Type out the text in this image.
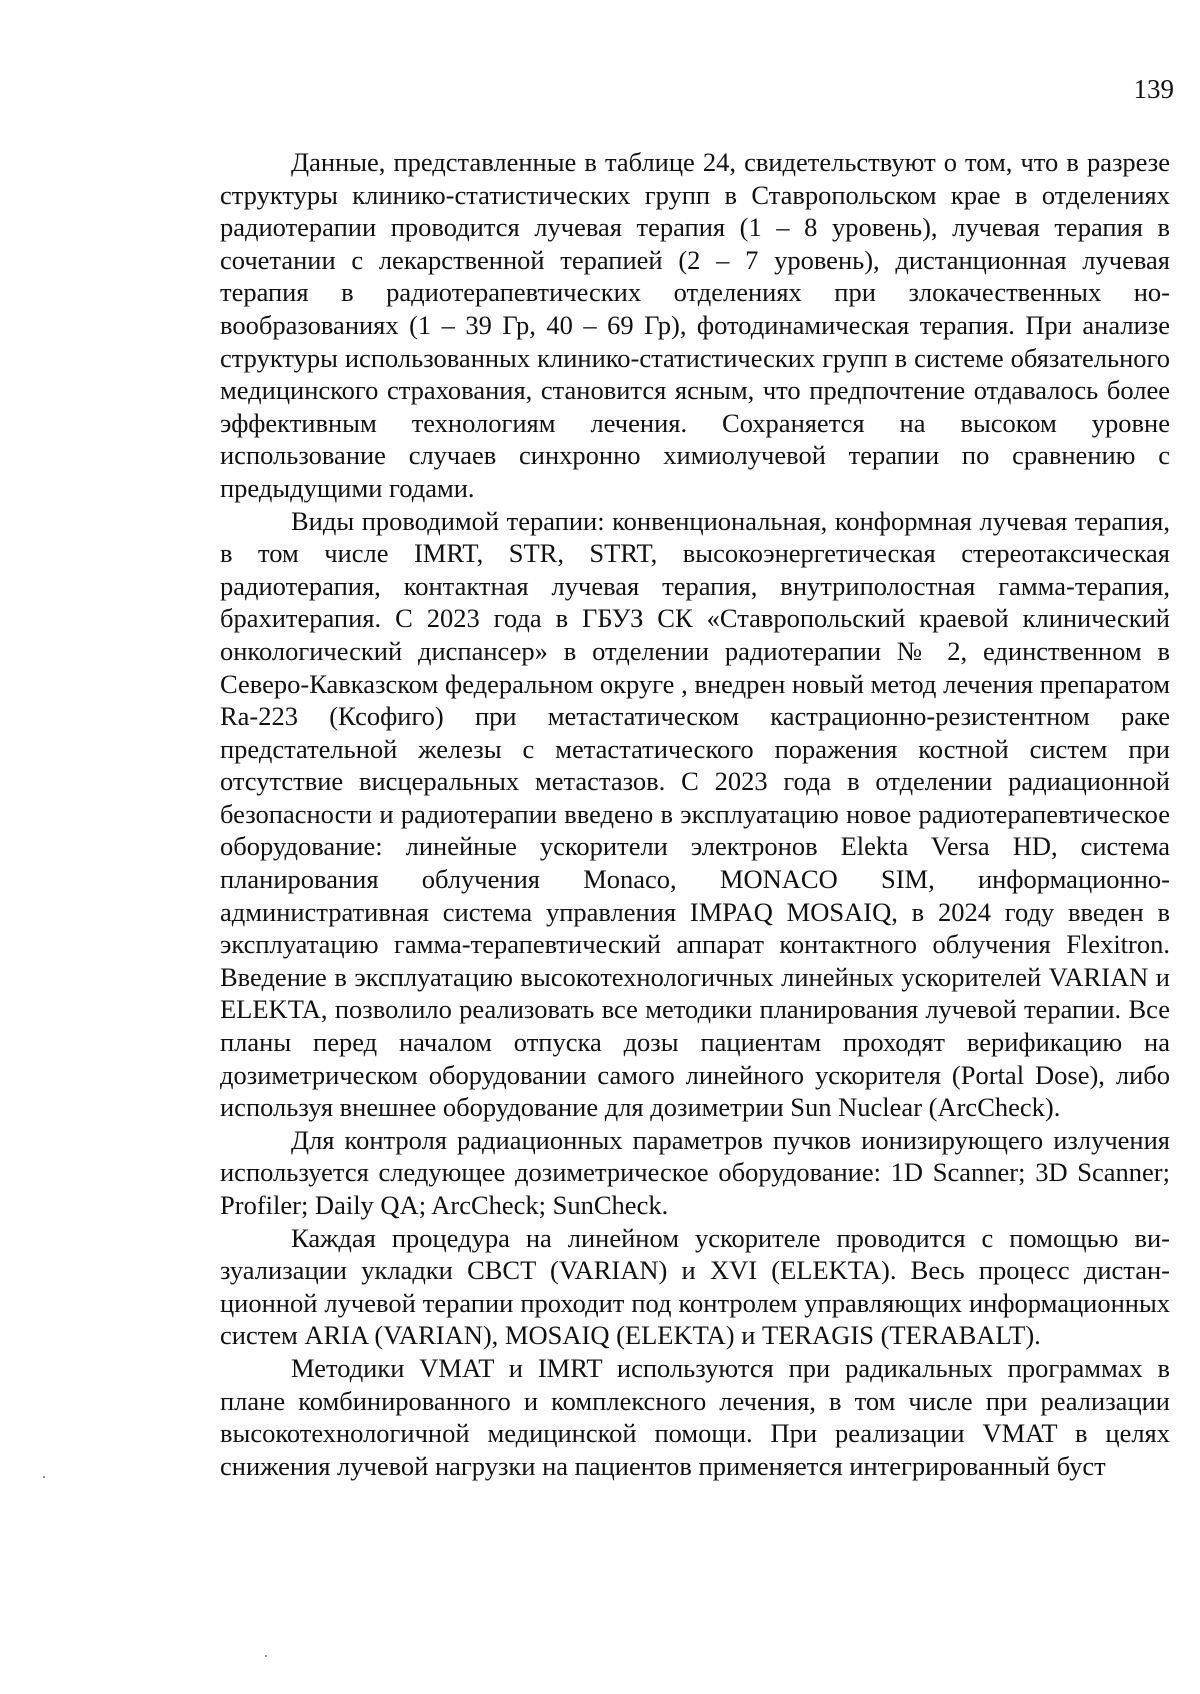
139

Данные, представленные в таблице 24, свидетельствуют о том, что в разрезе структуры клинико-статистических групп в Ставропольском крае в отделениях радиотерапии проводится лучевая терапия (1 – 8 уровень), лучевая терапия в сочетании с лекарственной терапией (2 – 7 уровень), дистанционная лучевая терапия в радиотерапевтических отделениях при злокачественных новообразованиях (1 – 39 Гр, 40 – 69 Гр), фотодинамическая терапия. При анализе структуры использованных клинико-статистических групп в системе обязательного медицинского страхования, становится ясным, что предпочтение отдавалось более эффективным технологиям лечения. Сохраняется на высоком уровне использование случаев синхронно химиолучевой терапии по сравнению с предыдущими годами.

Виды проводимой терапии: конвенциональная, конформная лучевая терапия, в том числе IMRT, STR, STRT, высокоэнергетическая стереотаксическая радиотерапия, контактная лучевая терапия, внутриполостная гамма-терапия, брахитерапия. С 2023 года в ГБУЗ СК «Ставропольский краевой клинический онкологический диспансер» в отделении радиотерапии № 2, единственном в Северо-Кавказском федеральном округе , внедрен новый метод лечения препаратом Ra-223 (Ксофиго) при метастатическом кастрационно-резистентном раке предстательной железы с метастатического поражения костной систем при отсутствие висцеральных метастазов. С 2023 года в отделении радиационной безопасности и радиотерапии введено в эксплуатацию новое радиотерапевтическое оборудование: линейные ускорители электронов Elekta Versa HD, система планирования облучения Monaco, MONACO SIM, информационно-административная система управления IMPAQ MOSAIQ, в 2024 году введен в эксплуатацию гамма-терапевтический аппарат контактного облучения Flexitron. Введение в эксплуатацию высокотехнологичных линейных ускорителей VARIAN и ELEKTA, позволило реализовать все методики планирования лучевой терапии. Все планы перед началом отпуска дозы пациентам проходят верификацию на дозиметрическом оборудовании самого линейного ускорителя (Portal Dose), либо используя внешнее оборудование для дозиметрии Sun Nuclear (ArcCheck).

Для контроля радиационных параметров пучков ионизирующего излучения используется следующее дозиметрическое оборудование: 1D Scanner; 3D Scanner; Profiler; Daily QA; ArcCheck; SunCheck.

Каждая процедура на линейном ускорителе проводится с помощью визуализации укладки CBCT (VARIAN) и XVI (ELEKTA). Весь процесс дистанционной лучевой терапии проходит под контролем управляющих информационных систем ARIA (VARIAN), MOSAIQ (ELEKTA) и TERAGIS (TERABALT).

Методики VMAT и IMRT используются при радикальных программах в плане комбинированного и комплексного лечения, в том числе при реализации высокотехнологичной медицинской помощи. При реализации VMAT в целях снижения лучевой нагрузки на пациентов применяется интегрированный буст
